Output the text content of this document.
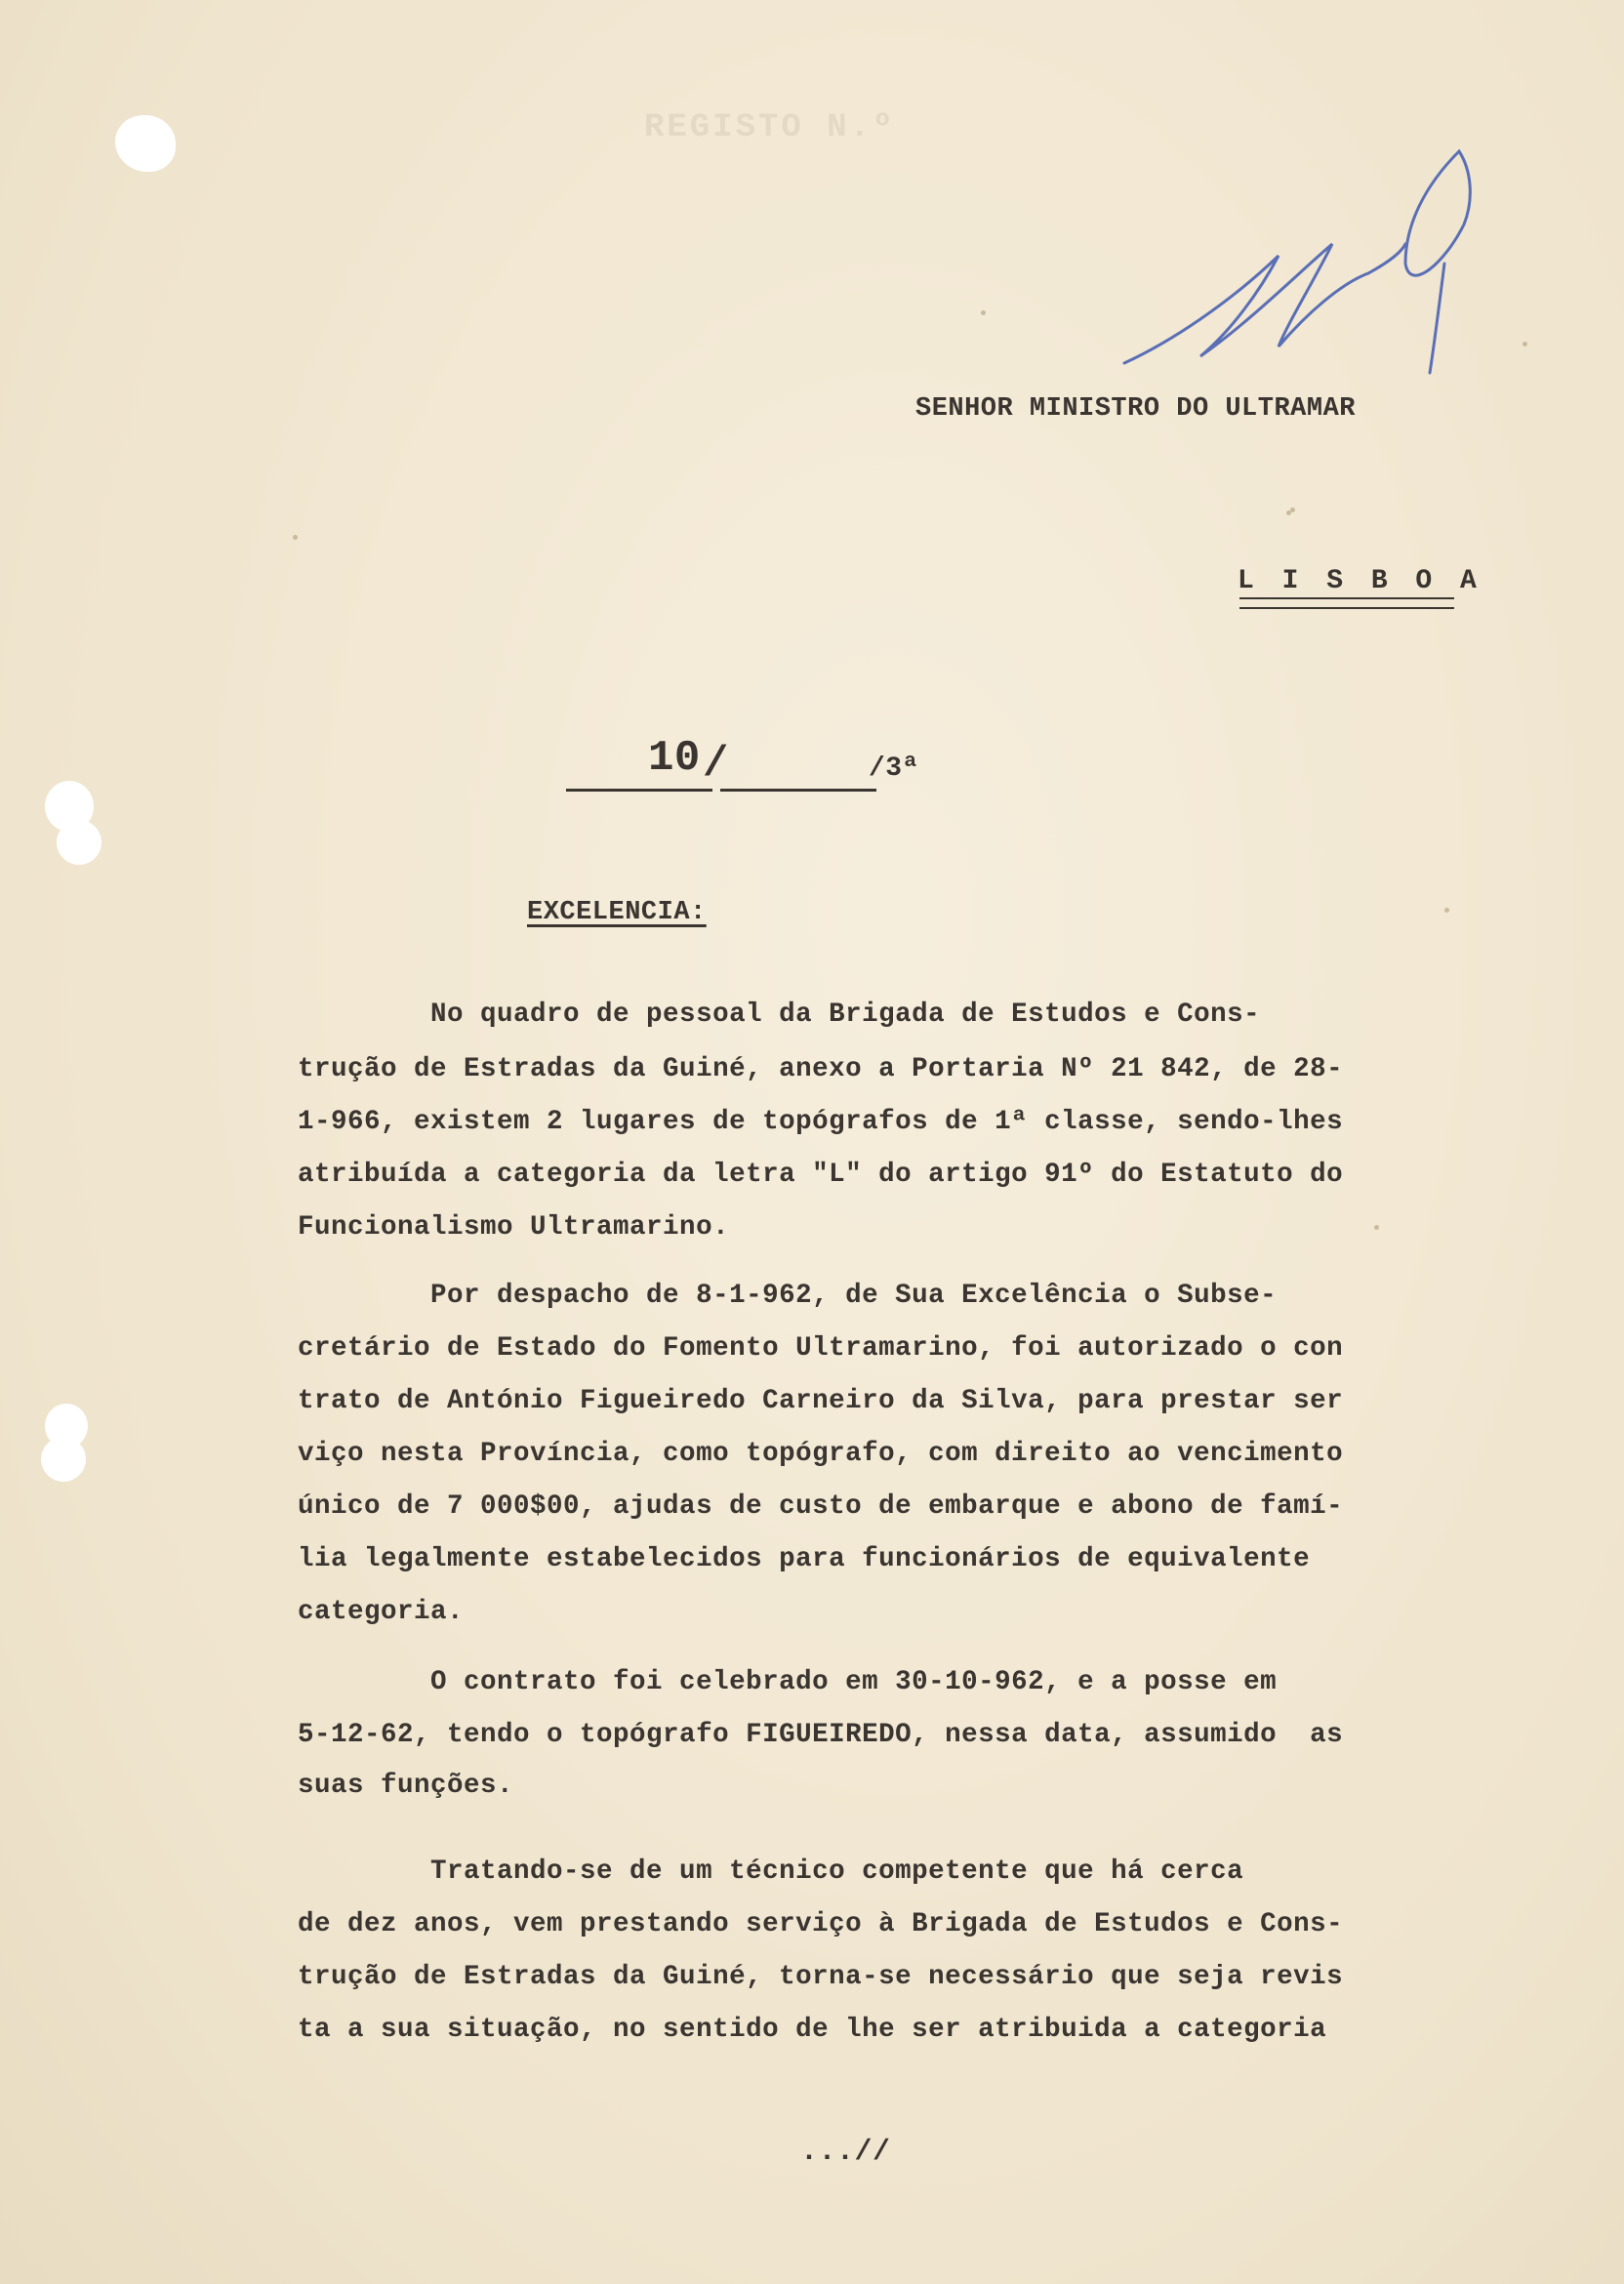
REGISTO N.º
SENHOR MINISTRO DO ULTRAMAR
L I S B O A
10 /	/3ª
EXCELENCIA:
No quadro de pessoal da Brigada de Estudos e Cons-
trução de Estradas da Guiné, anexo a Portaria Nº 21 842, de 28-
1-966, existem 2 lugares de topógrafos de 1ª classe, sendo-lhes
atribuída a categoria da letra "L" do artigo 91º do Estatuto do
Funcionalismo Ultramarino.
Por despacho de 8-1-962, de Sua Excelência o Subse-
cretário de Estado do Fomento Ultramarino, foi autorizado o con
trato de António Figueiredo Carneiro da Silva, para prestar ser
viço nesta Província, como topógrafo, com direito ao vencimento
único de 7 000$00, ajudas de custo de embarque e abono de famí-
lia legalmente estabelecidos para funcionários de equivalente
categoria.
O contrato foi celebrado em 30-10-962, e a posse em
5-12-62, tendo o topógrafo FIGUEIREDO, nessa data, assumido  as
suas funções.
Tratando-se de um técnico competente que há cerca
de dez anos, vem prestando serviço à Brigada de Estudos e Cons-
trução de Estradas da Guiné, torna-se necessário que seja revis
ta a sua situação, no sentido de lhe ser atribuida a categoria
...//
